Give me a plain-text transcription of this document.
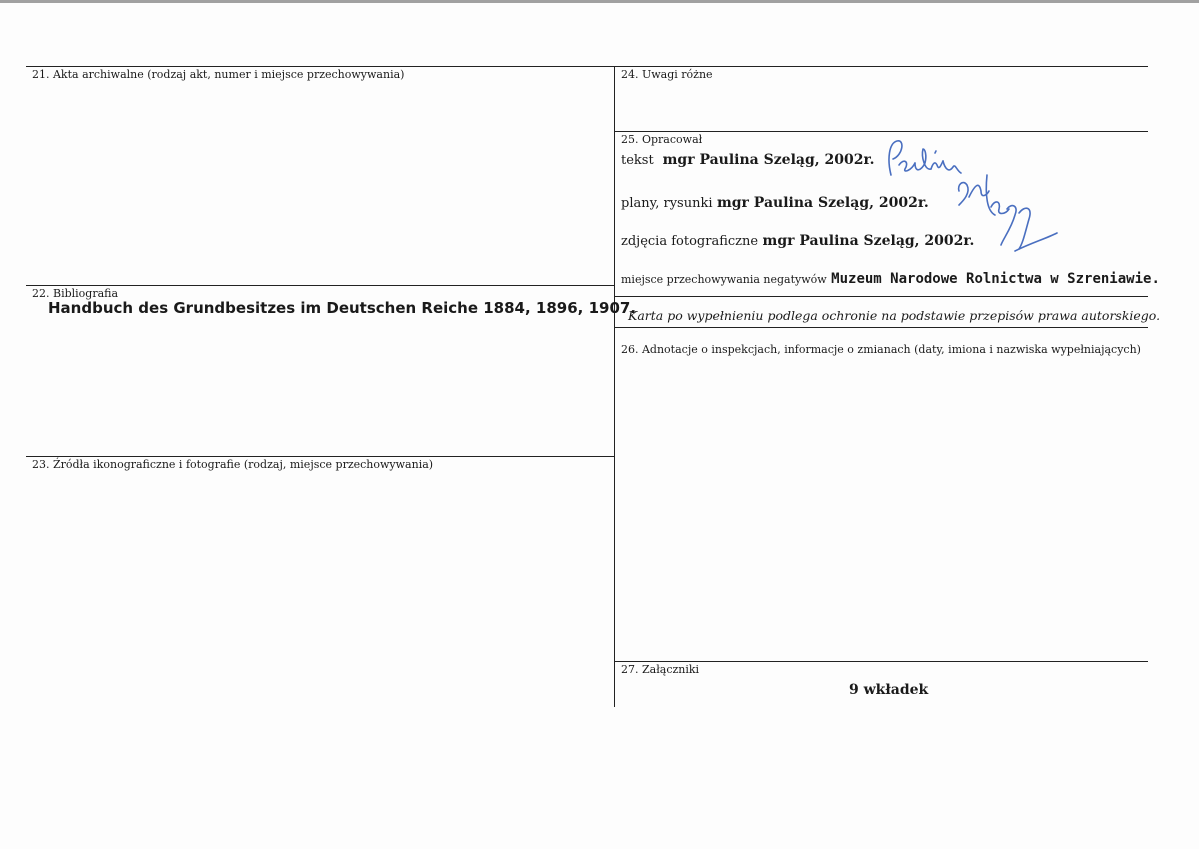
21. Akta archiwalne (rodzaj akt, numer i miejsce przechowywania)
22. Bibliografia
Handbuch des Grundbesitzes im Deutschen Reiche 1884, 1896, 1907.
23. Źródła ikonograficzne i fotografie (rodzaj, miejsce przechowywania)
24. Uwagi różne
25. Opracował
tekst mgr Paulina Szeląg, 2002r.
plany, rysunki mgr Paulina Szeląg, 2002r.
zdjęcia fotograficzne mgr Paulina Szeląg, 2002r.
miejsce przechowywania negatywów Muzeum Narodowe Rolnictwa w Szreniawie.
Karta po wypełnieniu podlega ochronie na podstawie przepisów prawa autorskiego.
26. Adnotacje o inspekcjach, informacje o zmianach (daty, imiona i nazwiska wypełniających)
27. Załączniki
9 wkładek
